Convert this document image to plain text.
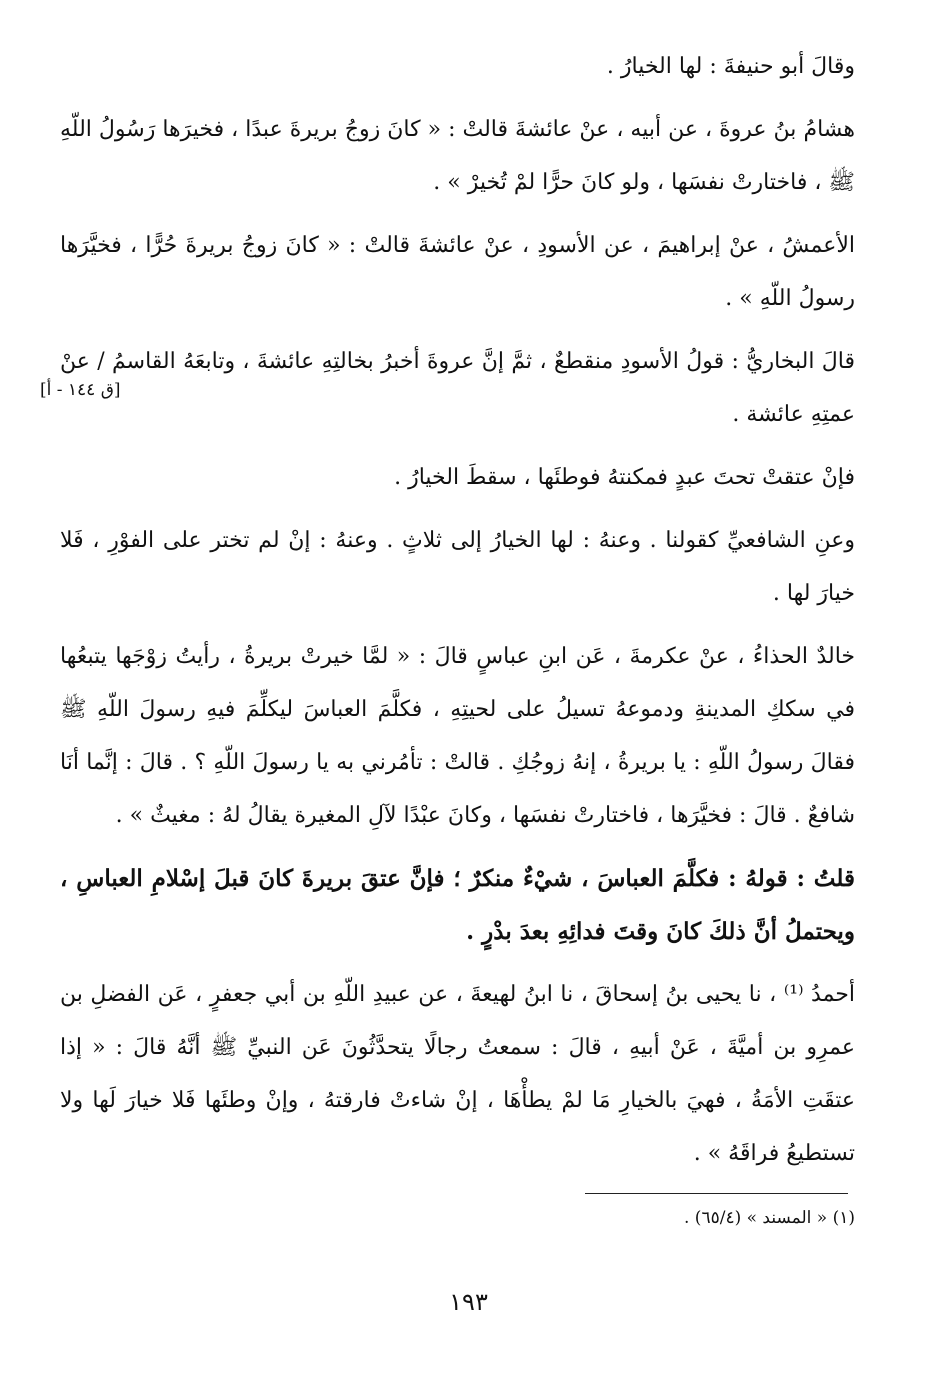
وقالَ أبو حنيفةَ : لها الخيارُ .

هشامُ بنُ عروةَ ، عن أبيه ، عنْ عائشةَ قالتْ : « كانَ زوجُ بريرةَ عبدًا ، فخيرَها رَسُولُ اللّهِ ﷺ ، فاختارتْ نفسَها ، ولو كانَ حرًّا لمْ تُخيرْ » .

الأعمشُ ، عنْ إبراهيمَ ، عن الأسودِ ، عنْ عائشةَ قالتْ : « كانَ زوجُ بريرةَ حُرًّا ، فخيَّرَها رسولُ اللّهِ » .

قالَ البخاريُّ : قولُ الأسودِ منقطعٌ ، ثمَّ إنَّ عروةَ أخبرُ بخالتِهِ عائشةَ ، وتابعَهُ القاسمُ / عنْ عمتِهِ عائشة .

فإنْ عتقتْ تحتَ عبدٍ فمكنتهُ فوطئَها ، سقطَ الخيارُ .

وعنِ الشافعيِّ كقولنا . وعنهُ : لها الخيارُ إلى ثلاثٍ . وعنهُ : إنْ لم تختر على الفوْرِ ، فَلا خيارَ لها .

خالدٌ الحذاءُ ، عنْ عكرمةَ ، عَن ابنِ عباسٍ قالَ : « لمَّا خيرتْ بريرةُ ، رأيتُ زوْجَها يتبعُها في سككِ المدينةِ ودموعهُ تسيلُ على لحيتِهِ ، فكلَّمَ العباسَ ليكلِّمَ فيهِ رسولَ اللّهِ ﷺ فقالَ رسولُ اللّهِ : يا بريرةُ ، إنهُ زوجُكِ . قالتْ : تأمُرني به يا رسولَ اللّهِ ؟ . قالَ : إنَّما أنَا شافعٌ . قالَ : فخيَّرَها ، فاختارتْ نفسَها ، وكانَ عبْدًا لآلِ المغيرة يقالُ لهُ : مغيثٌ » .

قلتُ : قولهُ : فكلَّمَ العباسَ ، شيْءٌ منكرٌ ؛ فإنَّ عتقَ بريرةَ كانَ قبلَ إسْلامِ العباسِ ، ويحتملُ أنَّ ذلكَ كانَ وقتَ فدائِهِ بعدَ بدْرٍ .

أحمدُ ⁽¹⁾ ، نا يحيى بنُ إسحاقَ ، نا ابنُ لهيعةَ ، عن عبيدِ اللّهِ بن أبي جعفرٍ ، عَن الفضلِ بن عمرِو بن أميَّةَ ، عَنْ أبيهِ ، قالَ : سمعتُ رجالًا يتحدَّثُونَ عَن النبيِّ ﷺ أنَّهُ قالَ : « إذا عتقَتِ الأمَةُ ، فهيَ بالخيارِ مَا لمْ يطأْهَا ، إنْ شاءتْ فارقتهُ ، وإنْ وطئَها فَلا خيارَ لَها ولا تستطيعُ فراقَهُ » .

[ق ١٤٤ - أ]
(١) « المسند » (٦٥/٤) .
١٩٣
